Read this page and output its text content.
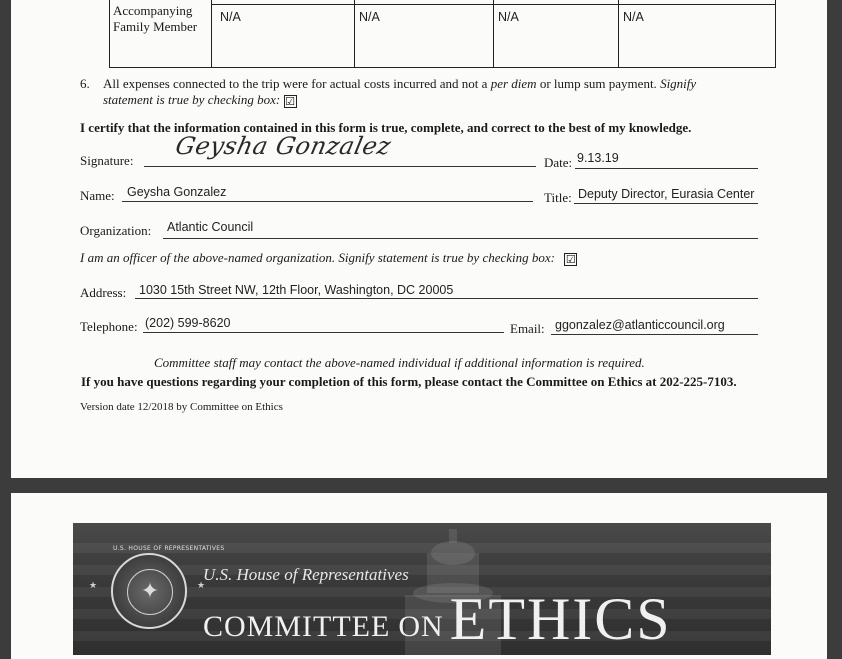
Accompanying
Family Member
N/A	N/A	N/A	N/A
6. All expenses connected to the trip were for actual costs incurred and not a per diem or lump sum payment. Signify
statement is true by checking box: ☑
I certify that the information contained in this form is true, complete, and correct to the best of my knowledge.
Signature:
Geysha Gonzalez
Date: 9.13.19
Name: Geysha Gonzalez	Title: Deputy Director, Eurasia Center
Organization: Atlantic Council
I am an officer of the above-named organization. Signify statement is true by checking box: ☑
Address: 1030 15th Street NW, 12th Floor, Washington, DC 20005
Telephone: (202) 599-8620	Email: ggonzalez@atlanticcouncil.org
Committee staff may contact the above-named individual if additional information is required.
If you have questions regarding your completion of this form, please contact the Committee on Ethics at 202-225-7103.
Version date 12/2018 by Committee on Ethics
✦
U.S. HOUSE OF REPRESENTATIVES
★	★
U.S. House of Representatives
COMMITTEE ON ETHICS
